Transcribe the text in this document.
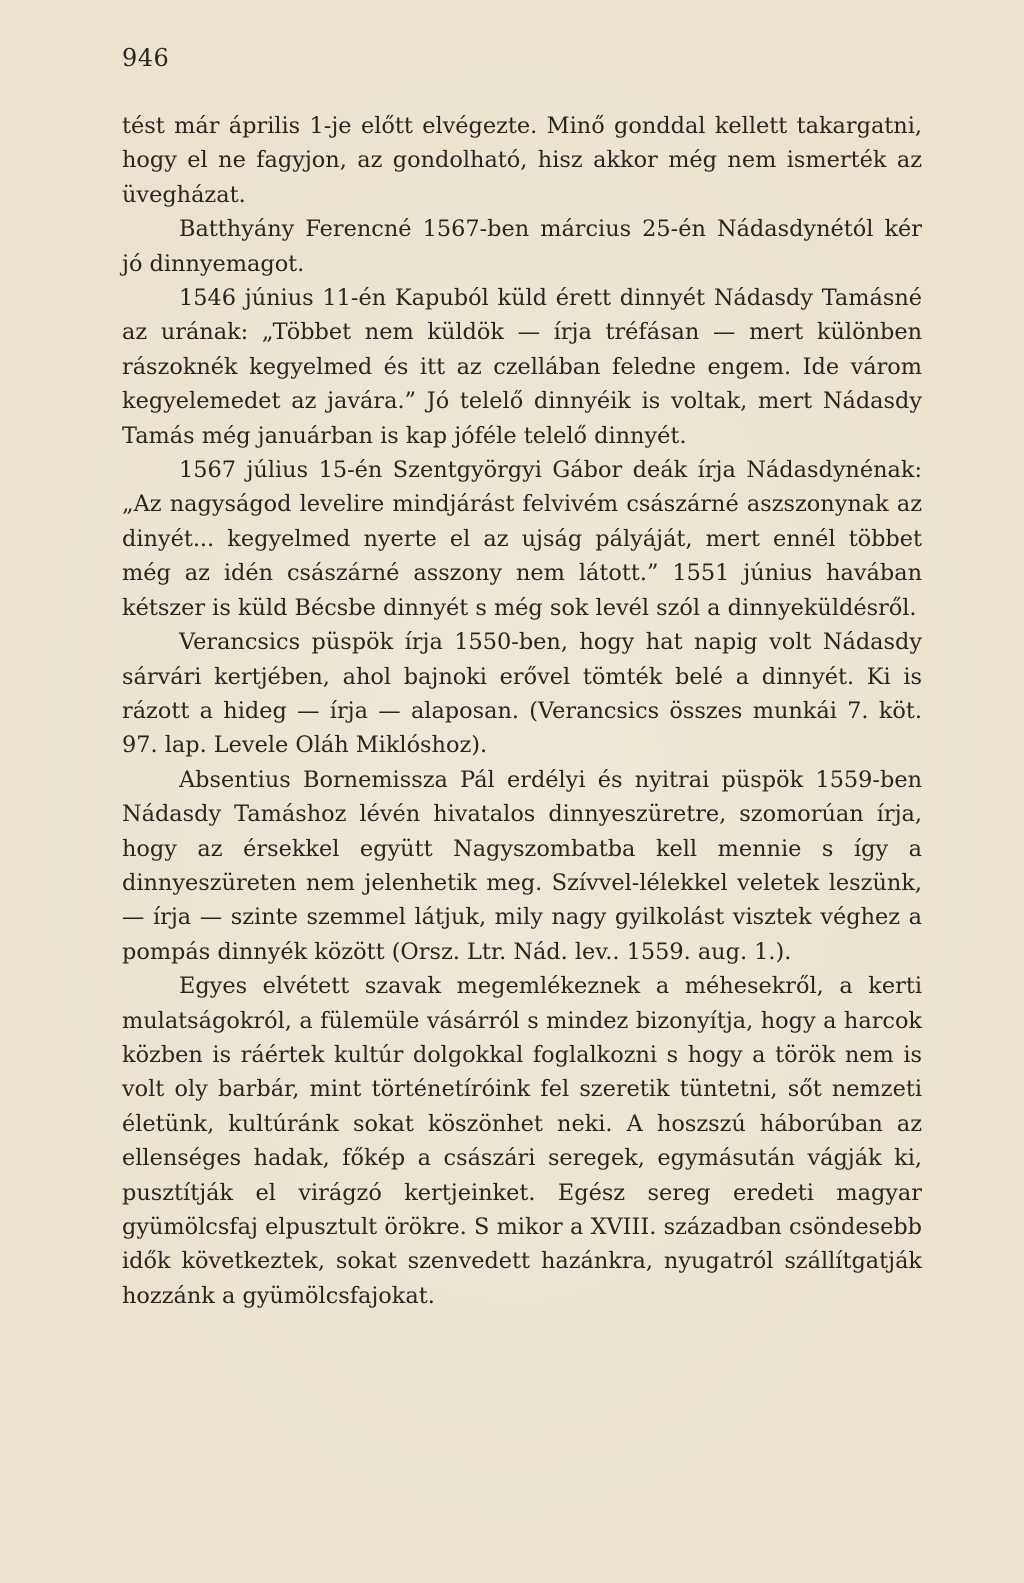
946

tést már április 1-je előtt elvégezte. Minő gonddal kellett takargatni, hogy el ne fagyjon, az gondolható, hisz akkor még nem ismerték az üvegházat.

Batthyány Ferencné 1567-ben március 25-én Nádasdynétól kér jó dinnyemagot.

1546 június 11-én Kapuból küld érett dinnyét Nádasdy Tamásné az urának: „Többet nem küldök — írja tréfásan — mert különben rászoknék kegyelmed és itt az czellában feledne engem. Ide várom kegyelemedet az javára.” Jó telelő dinnyéik is voltak, mert Nádasdy Tamás még januárban is kap jóféle telelő dinnyét.

1567 július 15-én Szentgyörgyi Gábor deák írja Nádasdynénak: „Az nagyságod levelire mindjárást felvivém császárné aszszonynak az dinyét... kegyelmed nyerte el az ujság pályáját, mert ennél többet még az idén császárné asszony nem látott.” 1551 június havában kétszer is küld Bécsbe dinnyét s még sok levél szól a dinnyeküldésről.

Verancsics püspök írja 1550-ben, hogy hat napig volt Nádasdy sárvári kertjében, ahol bajnoki erővel tömték belé a dinnyét. Ki is rázott a hideg — írja — alaposan. (Verancsics összes munkái 7. köt. 97. lap. Levele Oláh Miklóshoz).

Absentius Bornemissza Pál erdélyi és nyitrai püspök 1559-ben Nádasdy Tamáshoz lévén hivatalos dinnyeszüretre, szomorúan írja, hogy az érsekkel együtt Nagyszombatba kell mennie s így a dinnyeszüreten nem jelenhetik meg. Szívvel-lélekkel veletek leszünk, — írja — szinte szemmel látjuk, mily nagy gyilkolást visztek véghez a pompás dinnyék között (Orsz. Ltr. Nád. lev.. 1559. aug. 1.).

Egyes elvétett szavak megemlékeznek a méhesekről, a kerti mulatságokról, a fülemüle vásárról s mindez bizonyítja, hogy a harcok közben is ráértek kultúr dolgokkal foglalkozni s hogy a török nem is volt oly barbár, mint történetíróink fel szeretik tüntetni, sőt nemzeti életünk, kultúránk sokat köszönhet neki. A hoszszú háborúban az ellenséges hadak, főkép a császári seregek, egymásután vágják ki, pusztítják el virágzó kertjeinket. Egész sereg eredeti magyar gyümölcsfaj elpusztult örökre. S mikor a XVIII. században csöndesebb idők következtek, sokat szenvedett hazánkra, nyugatról szállítgatják hozzánk a gyümölcsfajokat.
